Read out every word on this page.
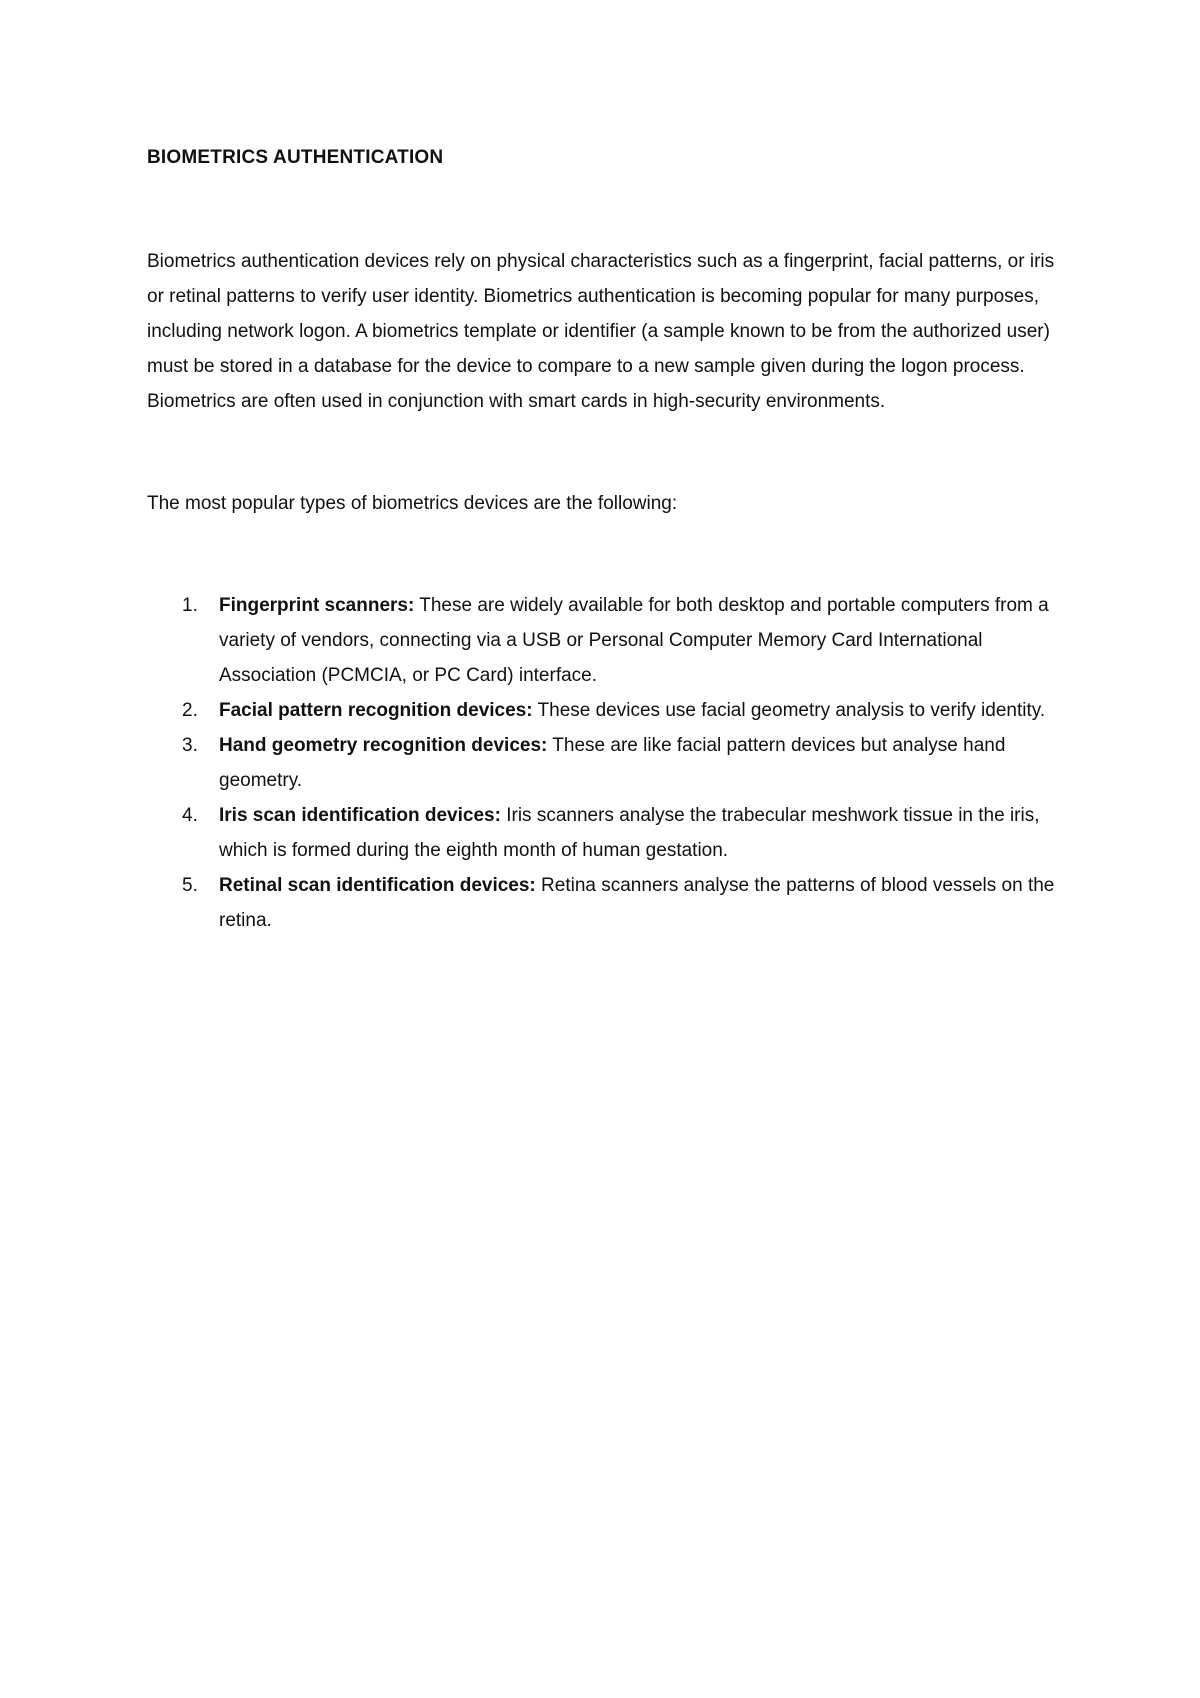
BIOMETRICS AUTHENTICATION

Biometrics authentication devices rely on physical characteristics such as a fingerprint, facial patterns, or iris or retinal patterns to verify user identity. Biometrics authentication is becoming popular for many purposes, including network logon. A biometrics template or identifier (a sample known to be from the authorized user) must be stored in a database for the device to compare to a new sample given during the logon process. Biometrics are often used in conjunction with smart cards in high-security environments.

The most popular types of biometrics devices are the following:

1. Fingerprint scanners: These are widely available for both desktop and portable computers from a variety of vendors, connecting via a USB or Personal Computer Memory Card International Association (PCMCIA, or PC Card) interface.
2. Facial pattern recognition devices: These devices use facial geometry analysis to verify identity.
3. Hand geometry recognition devices: These are like facial pattern devices but analyse hand geometry.
4. Iris scan identification devices: Iris scanners analyse the trabecular meshwork tissue in the iris, which is formed during the eighth month of human gestation.
5. Retinal scan identification devices: Retina scanners analyse the patterns of blood vessels on the retina.
